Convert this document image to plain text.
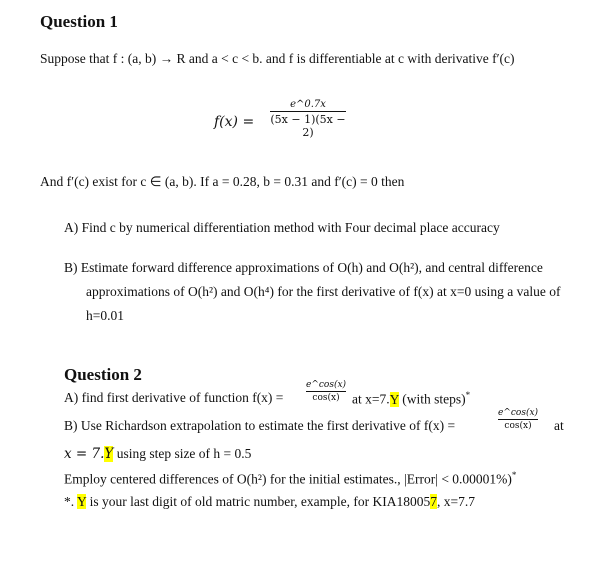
Question 1
Suppose that f : (a, b) → R and a < c < b. and f is differentiable at c with derivative f′(c)
f(x) =
e^0.7x
(5x − 1)(5x − 2)
And f′(c) exist for c ∈ (a, b). If a = 0.28, b = 0.31 and f′(c) = 0 then
A) Find c by numerical differentiation method with Four decimal place accuracy
B) Estimate forward difference approximations of O(h) and O(h²), and central difference
approximations of O(h²) and O(h⁴) for the first derivative of f(x) at x=0 using a value of
h=0.01
Question 2
A) find first derivative of function f(x) =
e^cos(x)
cos(x) at x=7.Y (with steps)*
B) Use Richardson extrapolation to estimate the first derivative of f(x) =
e^cos(x)
cos(x)	at
x = 7.Y using step size of h = 0.5
Employ centered differences of O(h²) for the initial estimates., |Error| < 0.00001%)*
*. Y is your last digit of old matric number, example, for KIA180057, x=7.7
